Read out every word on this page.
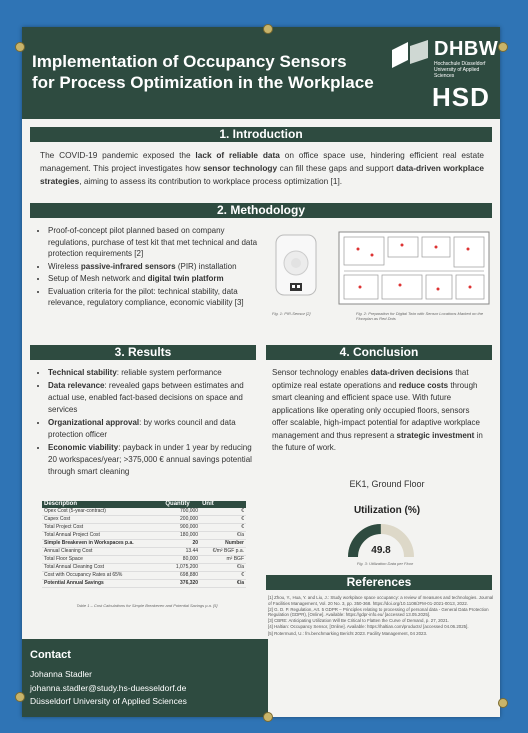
Implementation of Occupancy Sensors
for Process Optimization in the Workplace
DHBW
Hochschule Düsseldorf
University of Applied Sciences
HSD
1. Introduction
The COVID-19 pandemic exposed the lack of reliable data on office space use, hindering efficient real estate management. This project investigates how sensor technology can fill these gaps and support data-driven workplace strategies, aiming to assess its contribution to workplace process optimization [1].
2. Methodology
• Proof-of-concept pilot planned based on company regulations, purchase of test kit that met technical and data protection requirements [2]
• Wireless passive-infrared sensors (PIR) installation
• Setup of Mesh network and digital twin platform
• Evaluation criteria for the pilot: technical stability, data relevance, regulatory compliance, economic viability [3]
Fig. 1: PIR-Sensor [2]	Fig. 2: Preparation for Digital Twin with Sensor Locations Marked on the Floorplan as Red Dots
3. Results
• Technical stability: reliable system performance
• Data relevance: revealed gaps between estimates and actual use, enabled fact-based decisions on space and services
• Organizational approval: by works council and data protection officer
• Economic viability: payback in under 1 year by reducing 20 workspaces/year; >375,000 € annual savings potential through smart cleaning
Description	Quantity	Unit
Opex Cost (5-year-contract)	700,000	€
Capex Cost	200,000	€
Total Project Cost	900,000	€
Total Annual Project Cost	180,000	€/a
Simple Breakeven in Workspaces p.a.	20	Number
Annual Cleaning Cost	13.44	€/m² BGF p.a.
Total Floor Space	80,000	m² BGF
Total Annual Cleaning Cost	1,075,200	€/a
Cost with Occupancy Rates at 65%	698,880	€
Potential Annual Savings	376,320	€/a
Table 1 – Cost Calculations for Simple Breakeven and Potential Savings p.a. [5]
4. Conclusion
Sensor technology enables data-driven decisions that optimize real estate operations and reduce costs through smart cleaning and efficient space use. With future applications like operating only occupied floors, sensors offer scalable, high-impact potential for adaptive workplace management and thus represent a strategic investment in the future of work.
EK1, Ground Floor
Utilization (%)
49.8
Fig. 3: Utilization Data per Floor
References

[1] Zhou, Y., Hua, Y. and Liu, J.: Study workplace space occupancy: a review of measures and technologies. Journal of Facilities Management, Vol. 20 No. 3, pp. 350-368. https://doi.org/10.1108/JFM-01-2021-0013, 2022.

[2] G. D. P. Regulation, Art. 5 GDPR – Principles relating to processing of personal data - General Data Protection Regulation (GDPR), [Online]. Available: https://gdpr-info.eu/ [accessed 13.05.2025].

[3] CBRE: Anticipating Utilization Will Be Critical to Flatten the Curve of Demand, p. 27, 2021.

[4] Haltian: Occupancy Sensor, [Online]. Available: https://haltian.com/products/ [accessed 04.06.2025].

[5] Rotermund, U.: fm.benchmarking Bericht 2023. Facility Management, 04 2023.

Contact
Johanna Stadler
johanna.stadler@study.hs-duesseldorf.de
Düsseldorf University of Applied Sciences
